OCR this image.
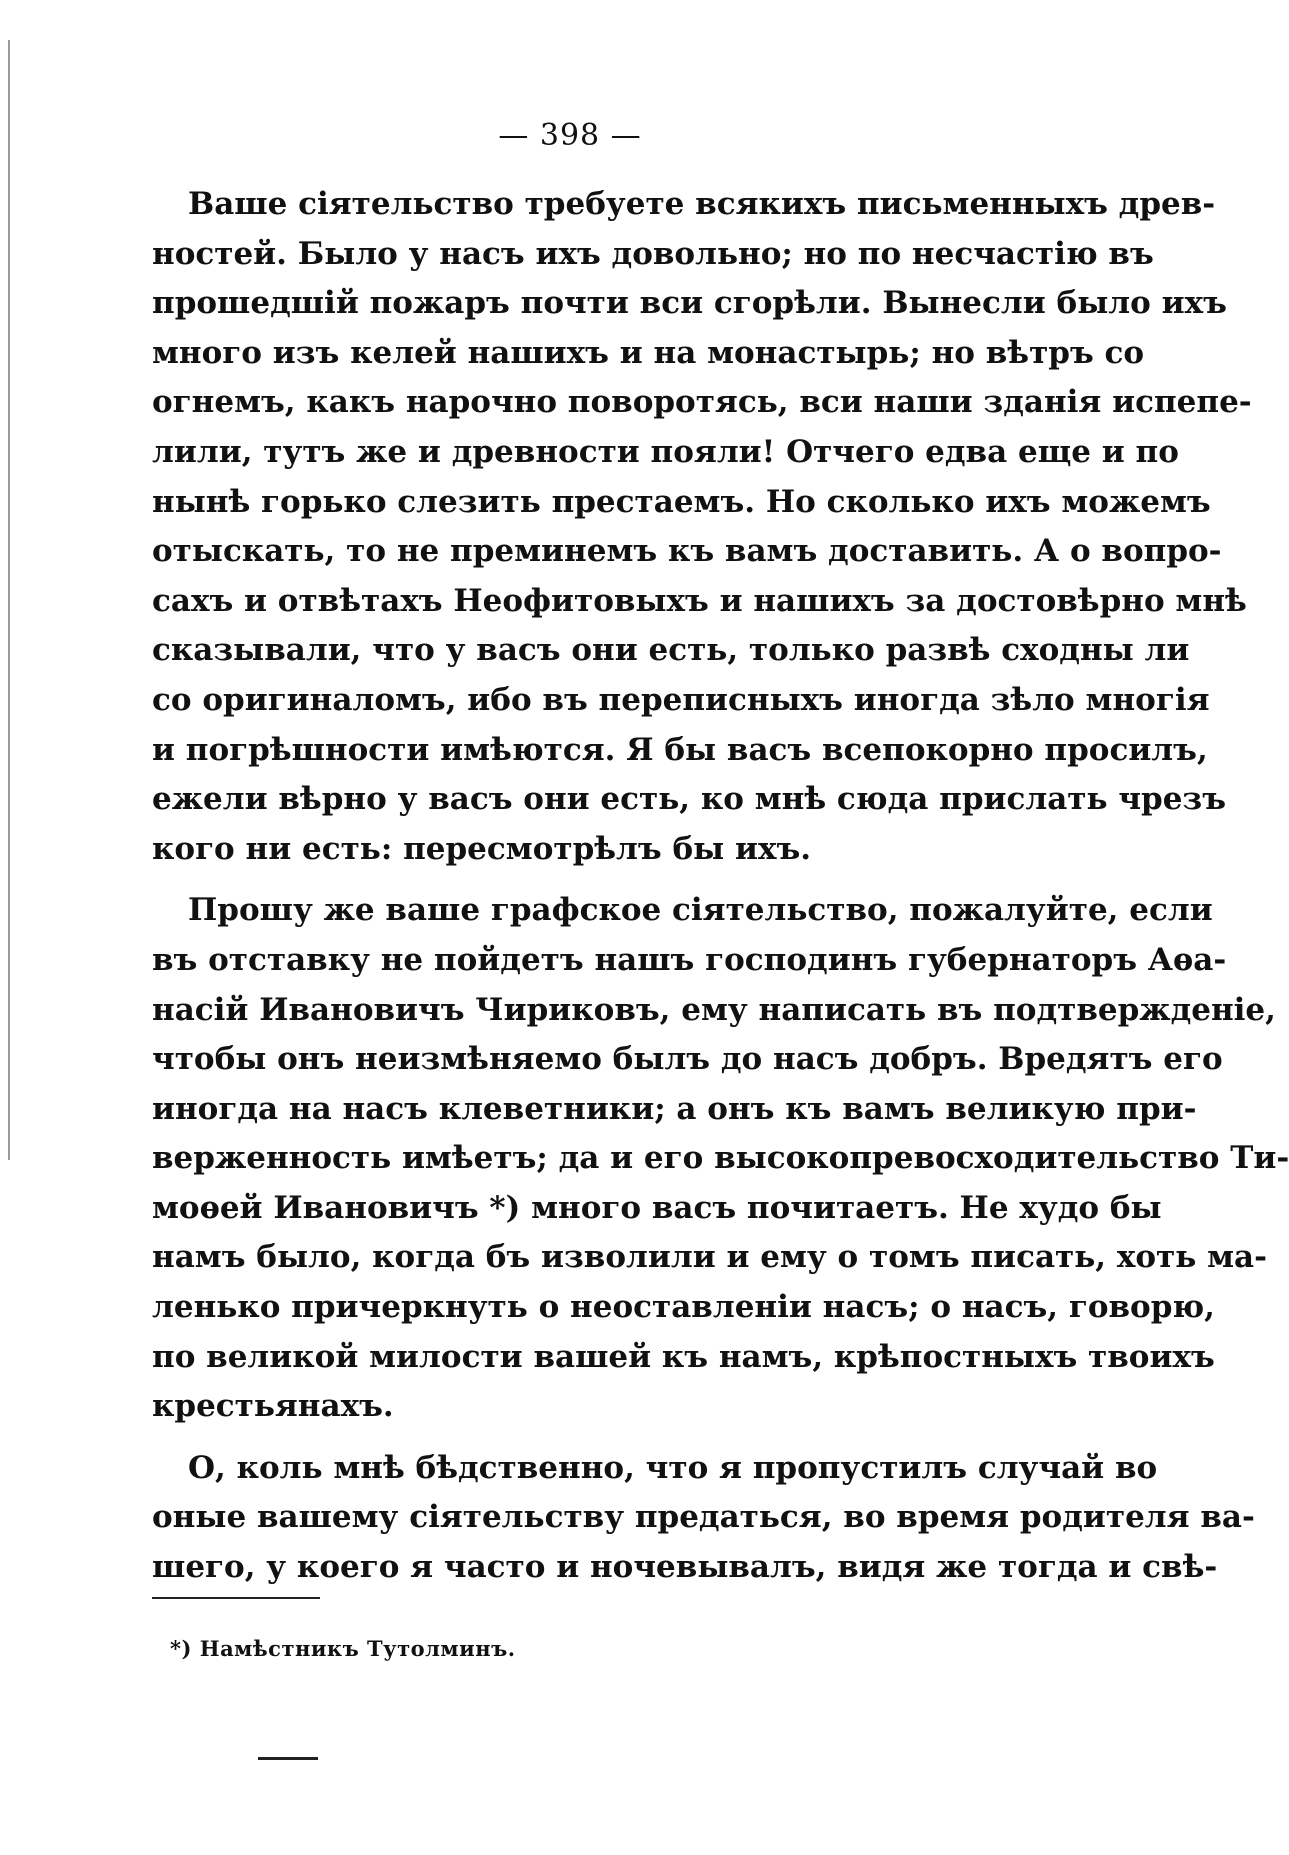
— 398 —
Ваше сіятельство требуете всякихъ письменныхъ древ-
ностей. Было у насъ ихъ довольно; но по несчастію въ
прошедшій пожаръ почти вси сгорѣли. Вынесли было ихъ
много изъ келей нашихъ и на монастырь; но вѣтръ со
огнемъ, какъ нарочно поворотясь, вси наши зданія испепе-
лили, тутъ же и древности пояли! Отчего едва еще и по
нынѣ горько слезить престаемъ. Но сколько ихъ можемъ
отыскать, то не преминемъ къ вамъ доставить. А о вопро-
сахъ и отвѣтахъ Неофитовыхъ и нашихъ за достовѣрно мнѣ
сказывали, что у васъ они есть, только развѣ сходны ли
со оригиналомъ, ибо въ переписныхъ иногда зѣло многія
и погрѣшности имѣются. Я бы васъ всепокорно просилъ,
ежели вѣрно у васъ они есть, ко мнѣ сюда прислать чрезъ
кого ни есть: пересмотрѣлъ бы ихъ.
Прошу же ваше графское сіятельство, пожалуйте, если
въ отставку не пойдетъ нашъ господинъ губернаторъ Аѳа-
насій Ивановичъ Чириковъ, ему написать въ подтвержденіе,
чтобы онъ неизмѣняемо былъ до насъ добръ. Вредятъ его
иногда на насъ клеветники; а онъ къ вамъ великую при-
верженность имѣетъ; да и его высокопревосходительство Ти-
моѳей Ивановичъ *) много васъ почитаетъ. Не худо бы
намъ было, когда бъ изволили и ему о томъ писать, хоть ма-
ленько причеркнуть о неоставленіи насъ; о насъ, говорю,
по великой милости вашей къ намъ, крѣпостныхъ твоихъ
крестьянахъ.
О, коль мнѣ бѣдственно, что я пропустилъ случай во
оные вашему сіятельству предаться, во время родителя ва-
шего, у коего я часто и ночевывалъ, видя же тогда и свѣ-
*) Намѣстникъ Тутолминъ.
